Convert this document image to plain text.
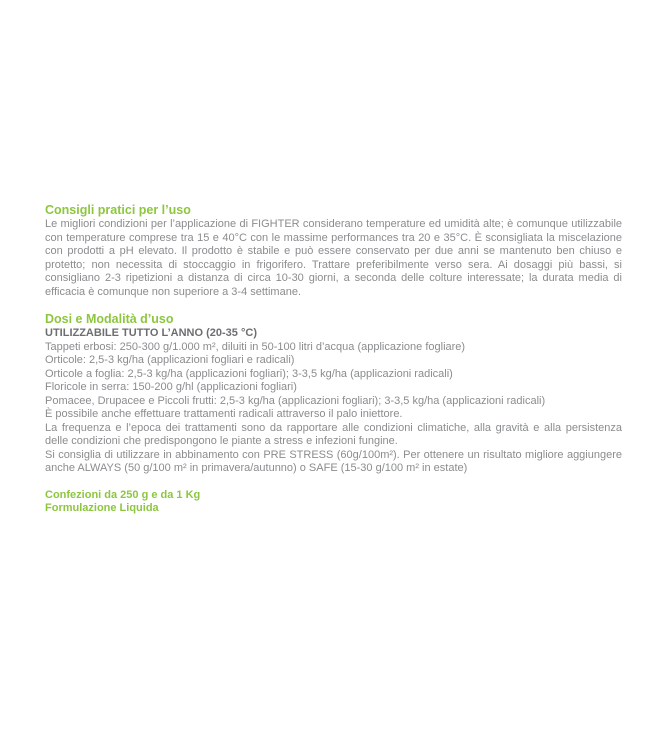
Consigli pratici per l’uso

Le migliori condizioni per l’applicazione di FIGHTER considerano temperature ed umidità alte; è comunque utilizzabile con temperature comprese tra 15 e 40°C con le massime performances tra 20 e 35°C. È sconsigliata la miscelazione con prodotti a pH elevato. Il prodotto è stabile e può essere conservato per due anni se mantenuto ben chiuso e protetto; non necessita di stoccaggio in frigorifero. Trattare preferibilmente verso sera. Ai dosaggi più bassi, si consigliano 2-3 ripetizioni a distanza di circa 10-30 giorni, a seconda delle colture interessate; la durata media di efficacia è comunque non superiore a 3-4 settimane.

Dosi e Modalità d’uso

UTILIZZABILE TUTTO L’ANNO (20-35 °C)

Tappeti erbosi: 250-300 g/1.000 m², diluiti in 50-100 litri d’acqua (applicazione fogliare)

Orticole: 2,5-3 kg/ha (applicazioni fogliari e radicali)

Orticole a foglia: 2,5-3 kg/ha (applicazioni fogliari); 3-3,5 kg/ha (applicazioni radicali)

Floricole in serra: 150-200 g/hl (applicazioni fogliari)

Pomacee, Drupacee e Piccoli frutti: 2,5-3 kg/ha (applicazioni fogliari); 3-3,5 kg/ha (applicazioni radicali)

È possibile anche effettuare trattamenti radicali attraverso il palo iniettore.

La frequenza e l’epoca dei trattamenti sono da rapportare alle condizioni climatiche, alla gravità e alla persistenza delle condizioni che predispongono le piante a stress e infezioni fungine.

Si consiglia di utilizzare in abbinamento con PRE STRESS (60g/100m²). Per ottenere un risultato migliore aggiungere anche ALWAYS (50 g/100 m² in primavera/autunno) o SAFE (15-30 g/100 m² in estate)

Confezioni da 250 g e da 1 Kg

Formulazione Liquida
